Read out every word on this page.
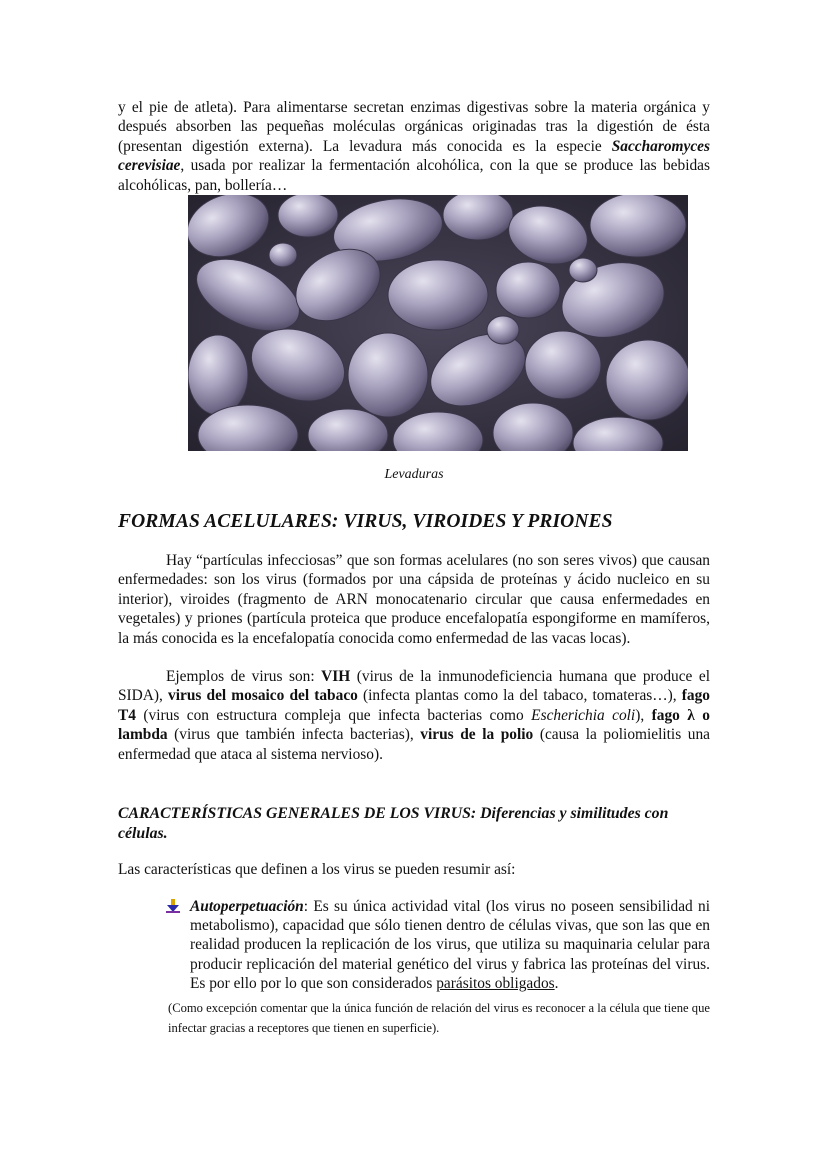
y el pie de atleta). Para alimentarse secretan enzimas digestivas sobre la materia orgánica y después absorben las pequeñas moléculas orgánicas originadas tras la digestión de ésta (presentan digestión externa). La levadura más conocida es la especie Saccharomyces cerevisiae, usada por realizar la fermentación alcohólica, con la que se produce las bebidas alcohólicas, pan, bollería…

Levaduras
FORMAS ACELULARES: VIRUS, VIROIDES Y PRIONES

Hay “partículas infecciosas” que son formas acelulares (no son seres vivos) que causan enfermedades: son los virus (formados por una cápsida de proteínas y ácido nucleico en su interior), viroides (fragmento de ARN monocatenario circular que causa enfermedades en vegetales) y priones (partícula proteica que produce encefalopatía espongiforme en mamíferos, la más conocida es la encefalopatía conocida como enfermedad de las vacas locas).

Ejemplos de virus son: VIH (virus de la inmunodeficiencia humana que produce el SIDA), virus del mosaico del tabaco (infecta plantas como la del tabaco, tomateras…), fago T4 (virus con estructura compleja que infecta bacterias como Escherichia coli), fago λ o lambda (virus que también infecta bacterias), virus de la polio (causa la poliomielitis una enfermedad que ataca al sistema nervioso).

CARACTERÍSTICAS GENERALES DE LOS VIRUS: Diferencias y similitudes con células.

Las características que definen a los virus se pueden resumir así:

Autoperpetuación: Es su única actividad vital (los virus no poseen sensibilidad ni metabolismo), capacidad que sólo tienen dentro de células vivas, que son las que en realidad producen la replicación de los virus, que utiliza su maquinaria celular para producir replicación del material genético del virus y fabrica las proteínas del virus. Es por ello por lo que son considerados parásitos obligados.

(Como excepción comentar que la única función de relación del virus es reconocer a la célula que tiene que infectar gracias a receptores que tienen en superficie).
